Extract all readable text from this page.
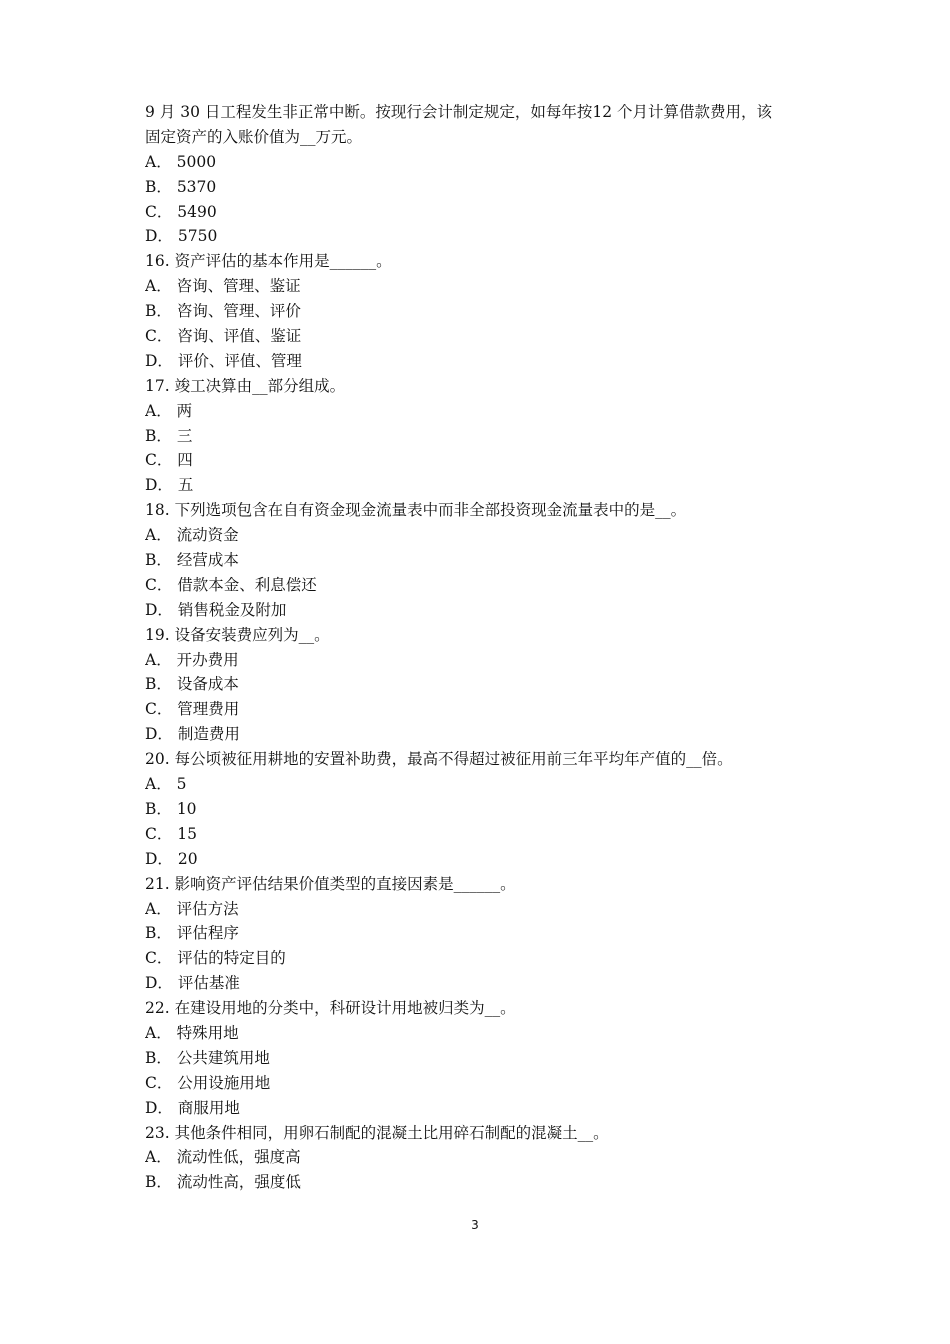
9 月 30 日工程发生非正常中断。按现行会计制定规定，如每年按12 个月计算借款费用，该
固定资产的入账价值为__万元。
A． 5000
B． 5370
C． 5490
D． 5750
16. 资产评估的基本作用是______。
A． 咨询、管理、鉴证
B． 咨询、管理、评价
C． 咨询、评值、鉴证
D． 评价、评值、管理
17. 竣工决算由__部分组成。
A． 两
B． 三
C． 四
D． 五
18. 下列选项包含在自有资金现金流量表中而非全部投资现金流量表中的是__。
A． 流动资金
B． 经营成本
C． 借款本金、利息偿还
D． 销售税金及附加
19. 设备安装费应列为__。
A． 开办费用
B． 设备成本
C． 管理费用
D． 制造费用
20. 每公顷被征用耕地的安置补助费，最高不得超过被征用前三年平均年产值的__倍。
A． 5
B． 10
C． 15
D． 20
21. 影响资产评估结果价值类型的直接因素是______。
A． 评估方法
B． 评估程序
C． 评估的特定目的
D． 评估基准
22. 在建设用地的分类中，科研设计用地被归类为__。
A． 特殊用地
B． 公共建筑用地
C． 公用设施用地
D． 商服用地
23. 其他条件相同，用卵石制配的混凝土比用碎石制配的混凝土__。
A． 流动性低，强度高
B． 流动性高，强度低
3
